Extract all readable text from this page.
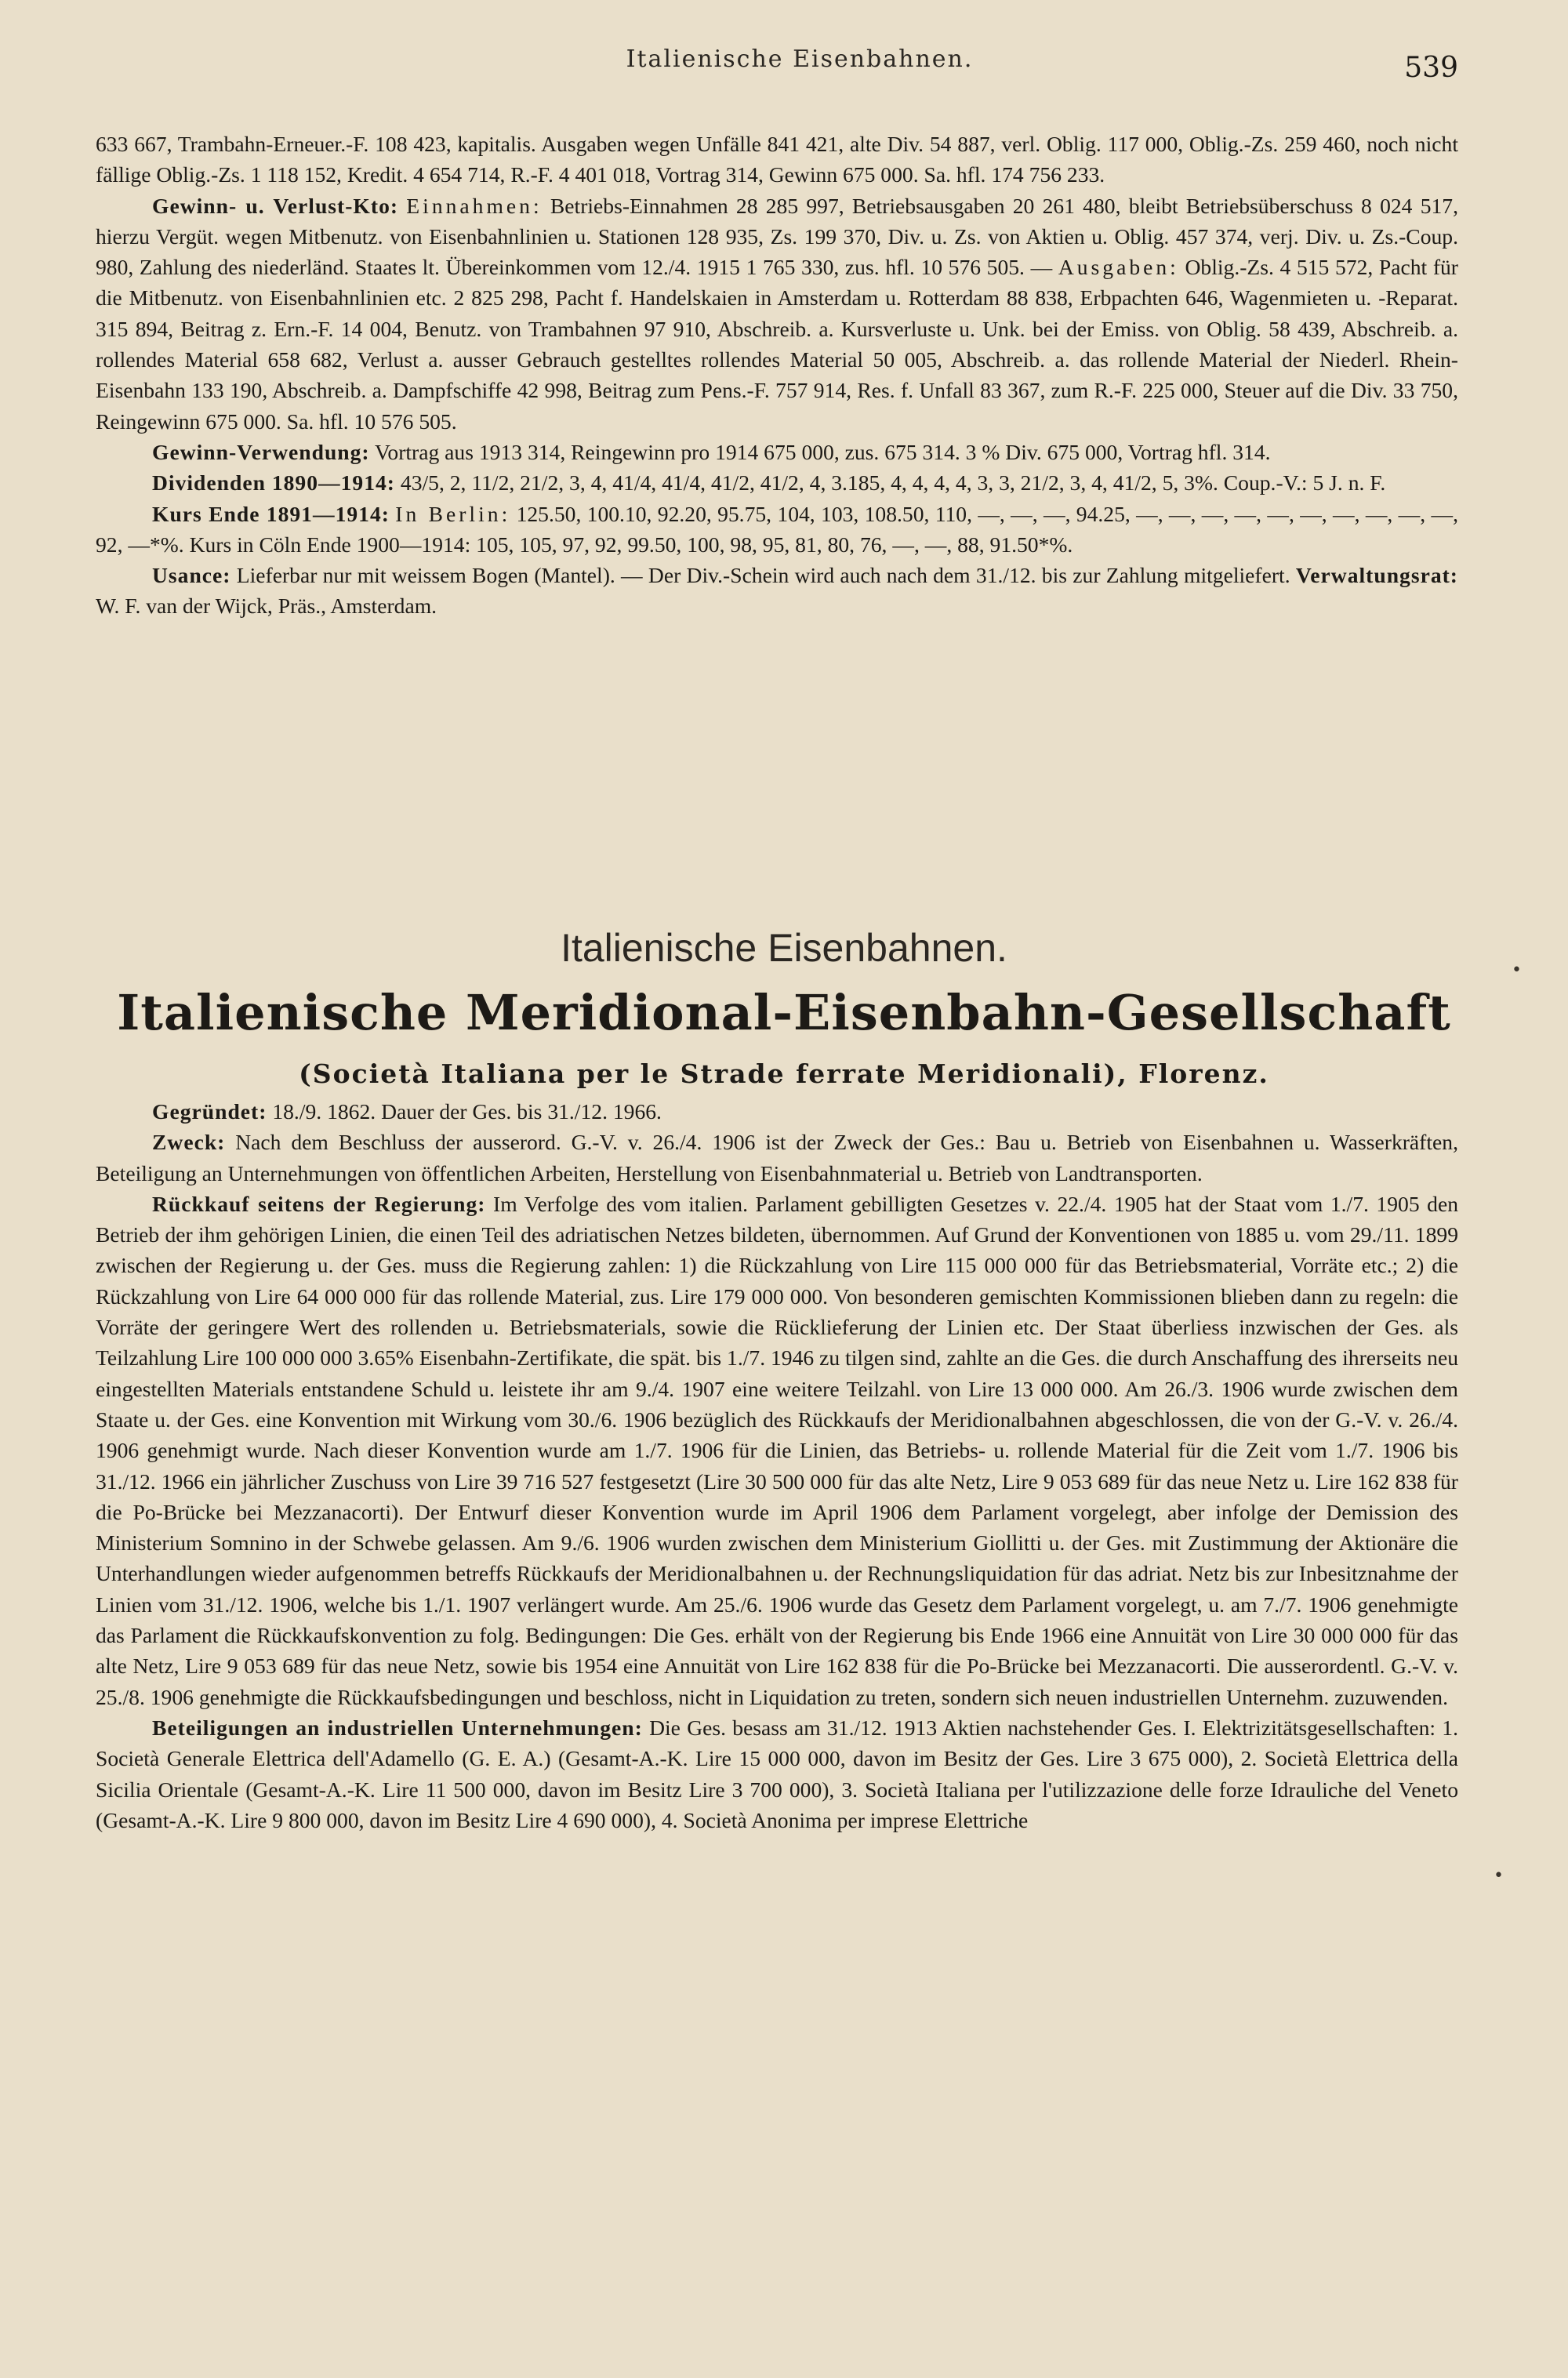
Italienische Eisenbahnen.	539

633 667, Trambahn-Erneuer.-F. 108 423, kapitalis. Ausgaben wegen Unfälle 841 421, alte Div. 54 887, verl. Oblig. 117 000, Oblig.-Zs. 259 460, noch nicht fällige Oblig.-Zs. 1 118 152, Kredit. 4 654 714, R.-F. 4 401 018, Vortrag 314, Gewinn 675 000. Sa. hfl. 174 756 233.

Gewinn- u. Verlust-Kto: Einnahmen: Betriebs-Einnahmen 28 285 997, Betriebsausgaben 20 261 480, bleibt Betriebsüberschuss 8 024 517, hierzu Vergüt. wegen Mitbenutz. von Eisenbahnlinien u. Stationen 128 935, Zs. 199 370, Div. u. Zs. von Aktien u. Oblig. 457 374, verj. Div. u. Zs.-Coup. 980, Zahlung des niederländ. Staates lt. Übereinkommen vom 12./4. 1915 1 765 330, zus. hfl. 10 576 505. — Ausgaben: Oblig.-Zs. 4 515 572, Pacht für die Mitbenutz. von Eisenbahnlinien etc. 2 825 298, Pacht f. Handelskaien in Amsterdam u. Rotterdam 88 838, Erbpachten 646, Wagenmieten u. -Reparat. 315 894, Beitrag z. Ern.-F. 14 004, Benutz. von Trambahnen 97 910, Abschreib. a. Kursverluste u. Unk. bei der Emiss. von Oblig. 58 439, Abschreib. a. rollendes Material 658 682, Verlust a. ausser Gebrauch gestelltes rollendes Material 50 005, Abschreib. a. das rollende Material der Niederl. Rhein-Eisenbahn 133 190, Abschreib. a. Dampfschiffe 42 998, Beitrag zum Pens.-F. 757 914, Res. f. Unfall 83 367, zum R.-F. 225 000, Steuer auf die Div. 33 750, Reingewinn 675 000. Sa. hfl. 10 576 505.

Gewinn-Verwendung: Vortrag aus 1913 314, Reingewinn pro 1914 675 000, zus. 675 314. 3 % Div. 675 000, Vortrag hfl. 314.

Dividenden 1890—1914: 43/5, 2, 11/2, 21/2, 3, 4, 41/4, 41/4, 41/2, 41/2, 4, 3.185, 4, 4, 4, 4, 3, 3, 21/2, 3, 4, 41/2, 5, 3%. Coup.-V.: 5 J. n. F.

Kurs Ende 1891—1914: In Berlin: 125.50, 100.10, 92.20, 95.75, 104, 103, 108.50, 110, —, —, —, 94.25, —, —, —, —, —, —, —, —, —, —, 92, —*%. Kurs in Cöln Ende 1900—1914: 105, 105, 97, 92, 99.50, 100, 98, 95, 81, 80, 76, —, —, 88, 91.50*%.

Usance: Lieferbar nur mit weissem Bogen (Mantel). — Der Div.-Schein wird auch nach dem 31./12. bis zur Zahlung mitgeliefert. Verwaltungsrat: W. F. van der Wijck, Präs., Amsterdam.

Italienische Eisenbahnen.
Italienische Meridional-Eisenbahn-Gesellschaft
(Società Italiana per le Strade ferrate Meridionali), Florenz.

Gegründet: 18./9. 1862. Dauer der Ges. bis 31./12. 1966.

Zweck: Nach dem Beschluss der ausserord. G.-V. v. 26./4. 1906 ist der Zweck der Ges.: Bau u. Betrieb von Eisenbahnen u. Wasserkräften, Beteiligung an Unternehmungen von öffentlichen Arbeiten, Herstellung von Eisenbahnmaterial u. Betrieb von Landtransporten.

Rückkauf seitens der Regierung: Im Verfolge des vom italien. Parlament gebilligten Gesetzes v. 22./4. 1905 hat der Staat vom 1./7. 1905 den Betrieb der ihm gehörigen Linien, die einen Teil des adriatischen Netzes bildeten, übernommen. Auf Grund der Konventionen von 1885 u. vom 29./11. 1899 zwischen der Regierung u. der Ges. muss die Regierung zahlen: 1) die Rückzahlung von Lire 115 000 000 für das Betriebsmaterial, Vorräte etc.; 2) die Rückzahlung von Lire 64 000 000 für das rollende Material, zus. Lire 179 000 000. Von besonderen gemischten Kommissionen blieben dann zu regeln: die Vorräte der geringere Wert des rollenden u. Betriebsmaterials, sowie die Rücklieferung der Linien etc. Der Staat überliess inzwischen der Ges. als Teilzahlung Lire 100 000 000 3.65% Eisenbahn-Zertifikate, die spät. bis 1./7. 1946 zu tilgen sind, zahlte an die Ges. die durch Anschaffung des ihrerseits neu eingestellten Materials entstandene Schuld u. leistete ihr am 9./4. 1907 eine weitere Teilzahl. von Lire 13 000 000. Am 26./3. 1906 wurde zwischen dem Staate u. der Ges. eine Konvention mit Wirkung vom 30./6. 1906 bezüglich des Rückkaufs der Meridionalbahnen abgeschlossen, die von der G.-V. v. 26./4. 1906 genehmigt wurde. Nach dieser Konvention wurde am 1./7. 1906 für die Linien, das Betriebs- u. rollende Material für die Zeit vom 1./7. 1906 bis 31./12. 1966 ein jährlicher Zuschuss von Lire 39 716 527 festgesetzt (Lire 30 500 000 für das alte Netz, Lire 9 053 689 für das neue Netz u. Lire 162 838 für die Po-Brücke bei Mezzanacorti). Der Entwurf dieser Konvention wurde im April 1906 dem Parlament vorgelegt, aber infolge der Demission des Ministerium Somnino in der Schwebe gelassen. Am 9./6. 1906 wurden zwischen dem Ministerium Giollitti u. der Ges. mit Zustimmung der Aktionäre die Unterhandlungen wieder aufgenommen betreffs Rückkaufs der Meridionalbahnen u. der Rechnungsliquidation für das adriat. Netz bis zur Inbesitznahme der Linien vom 31./12. 1906, welche bis 1./1. 1907 verlängert wurde. Am 25./6. 1906 wurde das Gesetz dem Parlament vorgelegt, u. am 7./7. 1906 genehmigte das Parlament die Rückkaufskonvention zu folg. Bedingungen: Die Ges. erhält von der Regierung bis Ende 1966 eine Annuität von Lire 30 000 000 für das alte Netz, Lire 9 053 689 für das neue Netz, sowie bis 1954 eine Annuität von Lire 162 838 für die Po-Brücke bei Mezzanacorti. Die ausserordentl. G.-V. v. 25./8. 1906 genehmigte die Rückkaufsbedingungen und beschloss, nicht in Liquidation zu treten, sondern sich neuen industriellen Unternehm. zuzuwenden.

Beteiligungen an industriellen Unternehmungen: Die Ges. besass am 31./12. 1913 Aktien nachstehender Ges. I. Elektrizitätsgesellschaften: 1. Società Generale Elettrica dell'Adamello (G. E. A.) (Gesamt-A.-K. Lire 15 000 000, davon im Besitz der Ges. Lire 3 675 000), 2. Società Elettrica della Sicilia Orientale (Gesamt-A.-K. Lire 11 500 000, davon im Besitz Lire 3 700 000), 3. Società Italiana per l'utilizzazione delle forze Idrauliche del Veneto (Gesamt-A.-K. Lire 9 800 000, davon im Besitz Lire 4 690 000), 4. Società Anonima per imprese Elettriche

•
•
